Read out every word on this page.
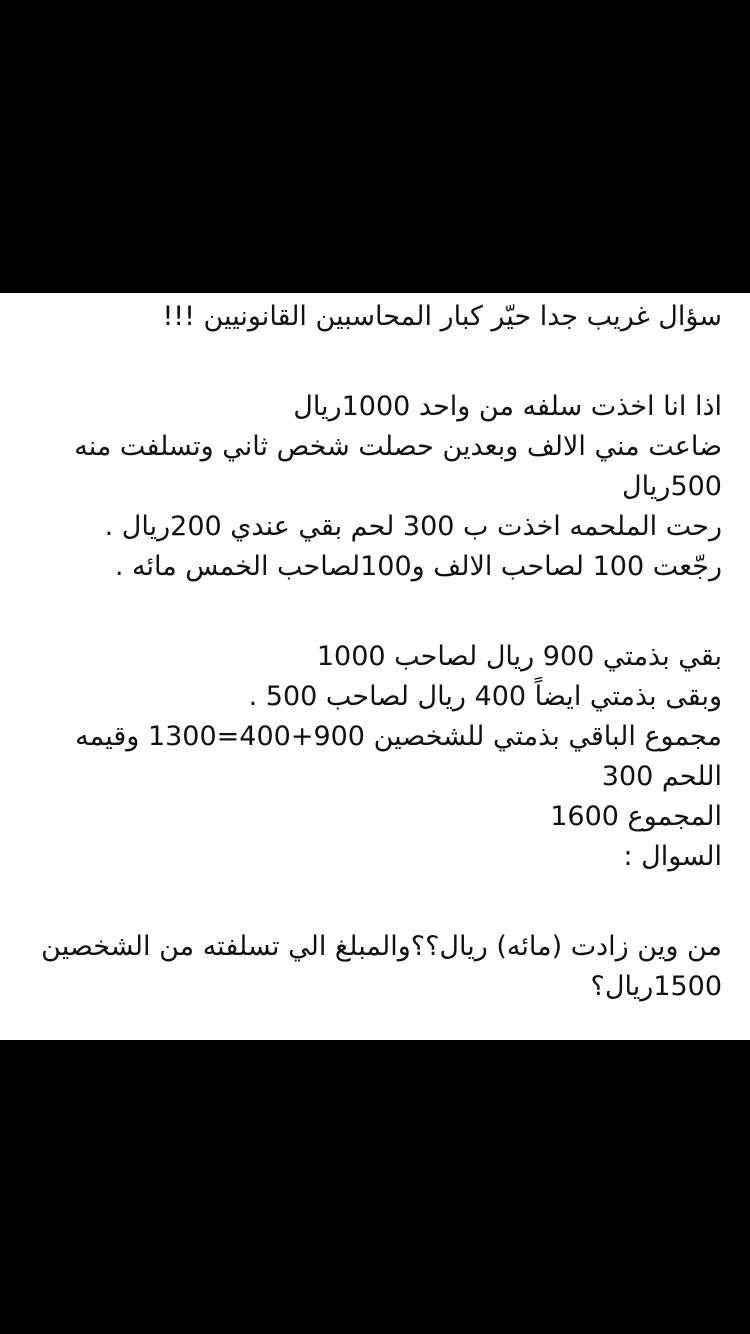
سؤال غريب جدا حيّر كبار المحاسبين القانونيين !!!
اذا انا اخذت سلفه من واحد 1000ريال
ضاعت مني الالف وبعدين حصلت شخص ثاني وتسلفت منه
500ريال
رحت الملحمه اخذت ب 300 لحم بقي عندي 200ريال .
رجّعت 100 لصاحب الالف و100لصاحب الخمس مائه .
بقي بذمتي 900 ريال لصاحب 1000
وبقى بذمتي ايضاً 400 ريال لصاحب 500 .
مجموع الباقي بذمتي للشخصين 900+400=1300 وقيمه
اللحم 300
المجموع 1600
السوال :
من وين زادت (مائه) ريال؟؟والمبلغ الي تسلفته من الشخصين
1500ريال؟
